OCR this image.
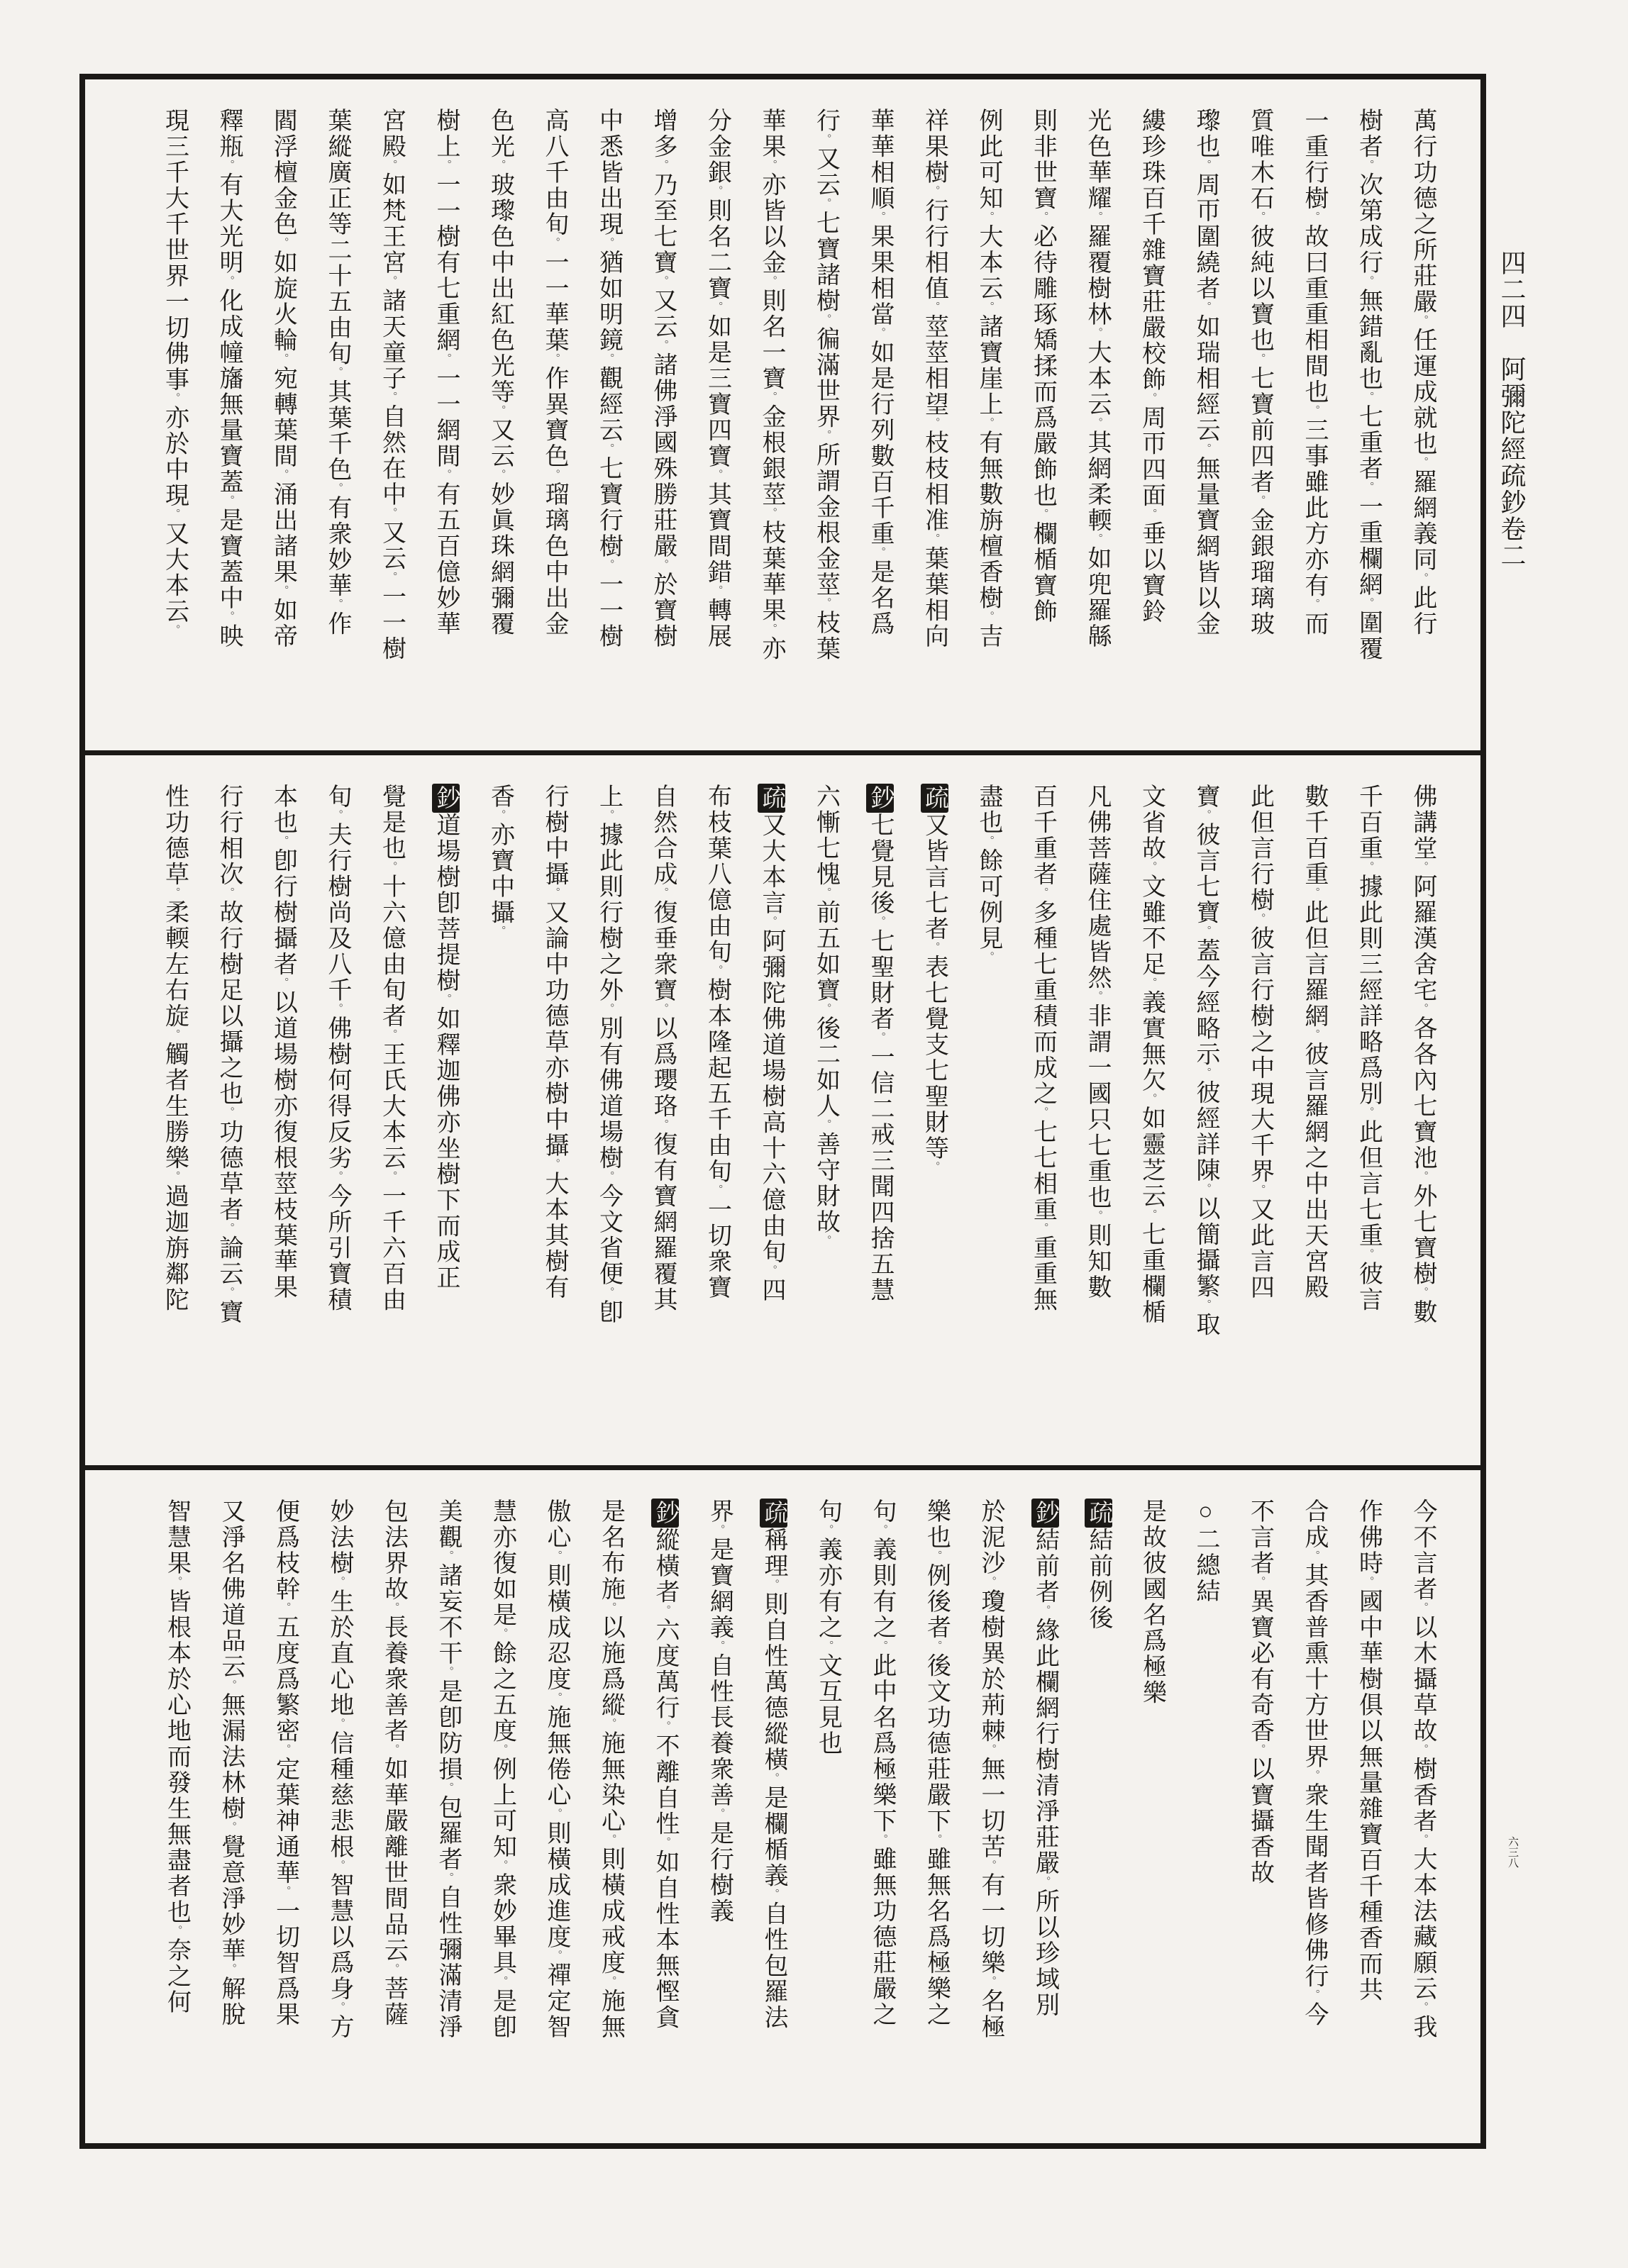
四二四　阿彌陀經疏鈔卷二
六三八
萬行功德之所莊嚴。任運成就也。羅網義同。此行
樹者。次第成行。無錯亂也。七重者。一重欄網。圍覆
一重行樹。故曰重重相間也。三事雖此方亦有。而
質唯木石。彼純以寶也。七寶前四者。金銀瑠璃玻
瓈也。周帀圍繞者。如瑞相經云。無量寶網皆以金
縷珍珠百千雜寶莊嚴校飾。周帀四面。垂以寶鈴
光色華耀。羅覆樹林。大本云。其網柔輭。如兜羅緜
則非世寶。必待雕琢矯揉而爲嚴飾也。欄楯寶飾
例此可知。大本云。諸寶崖上。有無數旃檀香樹。吉
祥果樹。行行相值。莖莖相望。枝枝相准。葉葉相向
華華相順。果果相當。如是行列數百千重。是名爲
行。又云。七寶諸樹。徧滿世界。所謂金根金莖。枝葉
華果。亦皆以金。則名一寶。金根銀莖。枝葉華果。亦
分金銀。則名二寶。如是三寶四寶。其寶間錯。轉展
增多。乃至七寶。又云。諸佛淨國殊勝莊嚴。於寶樹
中悉皆出現。猶如明鏡。觀經云。七寶行樹。一一樹
高八千由旬。一一華葉。作異寶色。瑠璃色中出金
色光。玻瓈色中出紅色光等。又云。妙眞珠網彌覆
樹上。一一樹有七重網。一一網間。有五百億妙華
宮殿。如梵王宮。諸天童子。自然在中。又云。一一樹
葉縱廣正等二十五由旬。其葉千色。有衆妙華。作
閻浮檀金色。如旋火輪。宛轉葉間。涌出諸果。如帝
釋瓶。有大光明。化成幢旛無量寶蓋。是寶蓋中。映
現三千大千世界一切佛事。亦於中現。又大本云。
佛講堂。阿羅漢舍宅。各各內七寶池。外七寶樹。數
千百重。據此則三經詳略爲別。此但言七重。彼言
數千百重。此但言羅網。彼言羅網之中出天宮殿
此但言行樹。彼言行樹之中現大千界。又此言四
寶。彼言七寶。蓋今經略示。彼經詳陳。以簡攝繁。取
文省故。文雖不足。義實無欠。如靈芝云。七重欄楯
凡佛菩薩住處皆然。非謂一國只七重也。則知數
百千重者。多種七重積而成之。七七相重。重重無
盡也。餘可例見。
疏又皆言七者。表七覺支七聖財等。
鈔七覺見後。七聖財者。一信二戒三聞四捨五慧
六慚七愧。前五如寶。後二如人。善守財故。
疏又大本言。阿彌陀佛道場樹高十六億由旬。四
布枝葉八億由旬。樹本隆起五千由旬。一切衆寶
自然合成。復垂衆寶。以爲瓔珞。復有寶網羅覆其
上。據此則行樹之外。別有佛道場樹。今文省便。卽
行樹中攝。又論中功德草亦樹中攝。大本其樹有
香。亦寶中攝。
鈔道場樹卽菩提樹。如釋迦佛亦坐樹下而成正
覺是也。十六億由旬者。王氏大本云。一千六百由
旬。夫行樹尚及八千。佛樹何得反劣。今所引寶積
本也。卽行樹攝者。以道場樹亦復根莖枝葉華果
行行相次。故行樹足以攝之也。功德草者。論云。寶
性功德草。柔輭左右旋。觸者生勝樂。過迦旃鄰陀
今不言者。以木攝草故。樹香者。大本法藏願云。我
作佛時。國中華樹俱以無量雜寶百千種香而共
合成。其香普熏十方世界。衆生聞者皆修佛行。今
不言者。異寶必有奇香。以寶攝香故
○二總結
是故彼國名爲極樂
疏結前例後
鈔結前者。緣此欄網行樹清淨莊嚴。所以珍域別
於泥沙。瓊樹異於荊棘。無一切苦。有一切樂。名極
樂也。例後者。後文功德莊嚴下。雖無名爲極樂之
句。義則有之。此中名爲極樂下。雖無功德莊嚴之
句。義亦有之。文互見也
疏稱理。則自性萬德縱橫。是欄楯義。自性包羅法
界。是寶網義。自性長養衆善。是行樹義
鈔縱橫者。六度萬行。不離自性。如自性本無慳貪
是名布施。以施爲縱。施無染心。則橫成戒度。施無
傲心。則橫成忍度。施無倦心。則橫成進度。禪定智
慧亦復如是。餘之五度。例上可知。衆妙畢具。是卽
美觀。諸妄不干。是卽防損。包羅者。自性彌滿清淨
包法界故。長養衆善者。如華嚴離世間品云。菩薩
妙法樹。生於直心地。信種慈悲根。智慧以爲身。方
便爲枝幹。五度爲繁密。定葉神通華。一切智爲果
又淨名佛道品云。無漏法林樹。覺意淨妙華。解脫
智慧果。皆根本於心地而發生無盡者也。奈之何
